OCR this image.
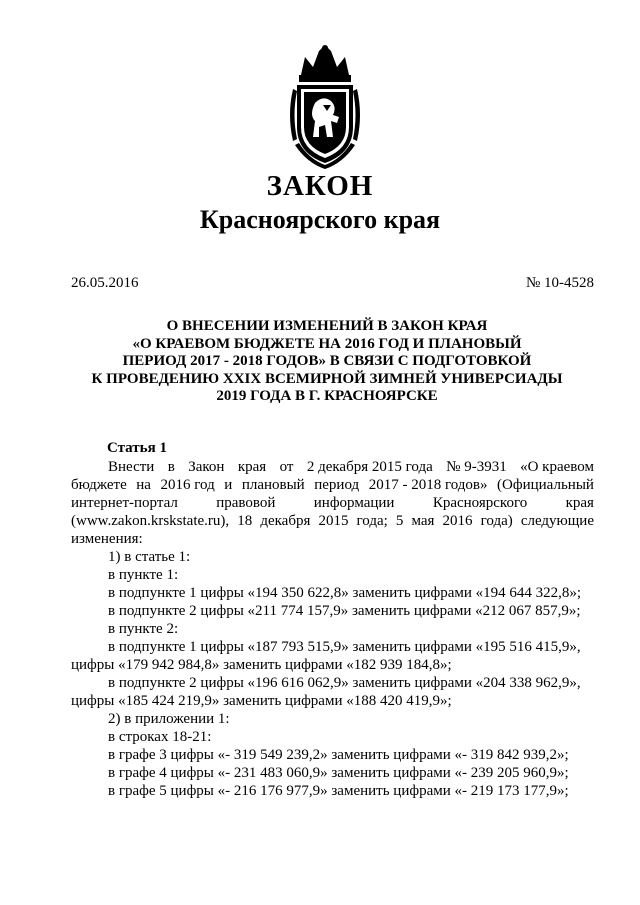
ЗАКОН
Красноярского края
26.05.2016	№ 10-4528
О ВНЕСЕНИИ ИЗМЕНЕНИЙ В ЗАКОН КРАЯ
«О КРАЕВОМ БЮДЖЕТЕ НА 2016 ГОД И ПЛАНОВЫЙ
ПЕРИОД 2017 - 2018 ГОДОВ» В СВЯЗИ С ПОДГОТОВКОЙ
К ПРОВЕДЕНИЮ XXIX ВСЕМИРНОЙ ЗИМНЕЙ УНИВЕРСИАДЫ
2019 ГОДА В Г. КРАСНОЯРСКЕ
Статья 1
Внести в Закон края от 2 декабря 2015 года № 9-3931 «О краевом
бюджете на 2016 год и плановый период 2017 - 2018 годов» (Официальный
интернет-портал	правовой	информации	Красноярского	края
(www.zakon.krskstate.ru), 18 декабря 2015 года; 5 мая 2016 года) следующие
изменения:
1) в статье 1:
в пункте 1:
в подпункте 1 цифры «194 350 622,8» заменить цифрами «194 644 322,8»;
в подпункте 2 цифры «211 774 157,9» заменить цифрами «212 067 857,9»;
в пункте 2:
в подпункте 1 цифры «187 793 515,9» заменить цифрами «195 516 415,9»,
цифры «179 942 984,8» заменить цифрами «182 939 184,8»;
в подпункте 2 цифры «196 616 062,9» заменить цифрами «204 338 962,9»,
цифры «185 424 219,9» заменить цифрами «188 420 419,9»;
2) в приложении 1:
в строках 18-21:
в графе 3 цифры «- 319 549 239,2» заменить цифрами «- 319 842 939,2»;
в графе 4 цифры «- 231 483 060,9» заменить цифрами «- 239 205 960,9»;
в графе 5 цифры «- 216 176 977,9» заменить цифрами «- 219 173 177,9»;
